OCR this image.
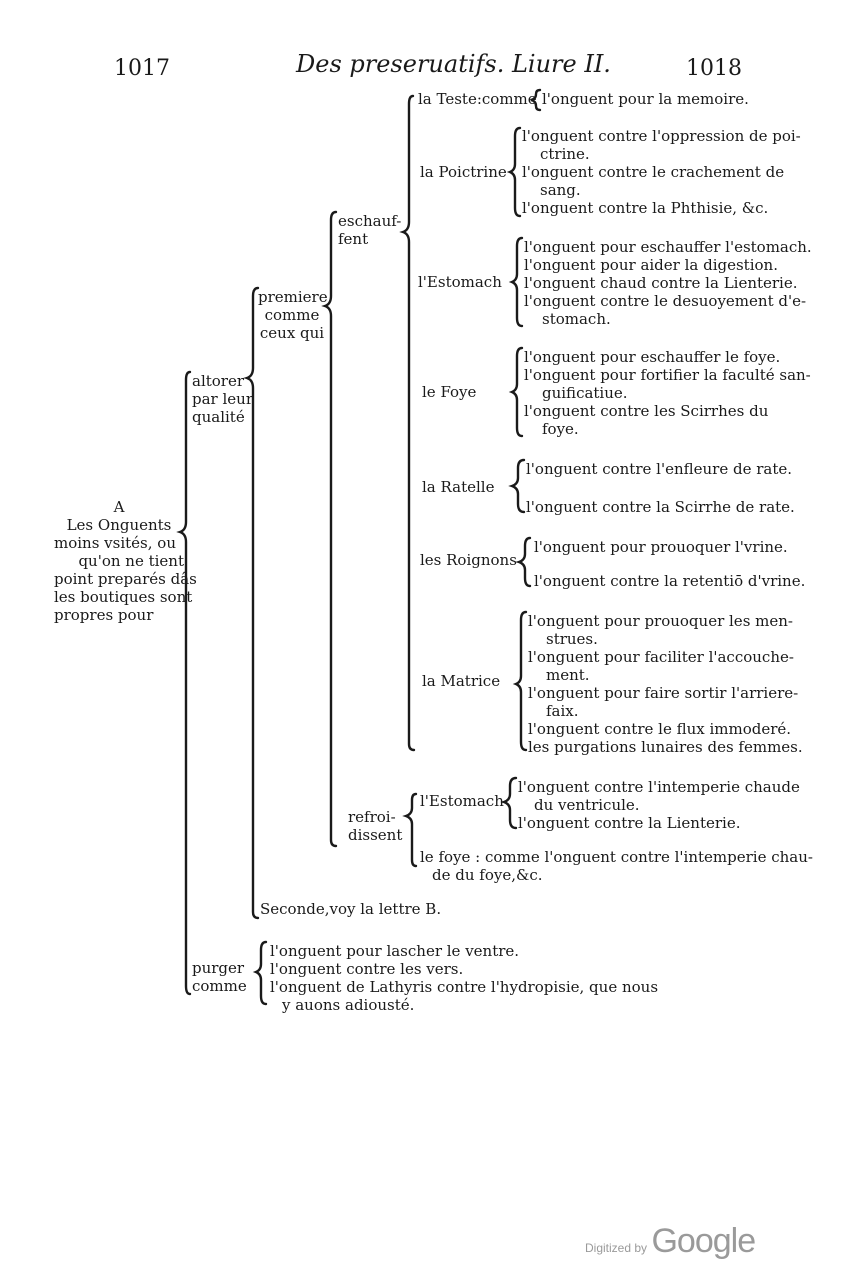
1017	Des preseruatifs. Liure II.	1018
A
Les Onguents
moins vsités, ou
qu'on ne tient
point preparés dâs
les boutiques sont
propres pour
altorer
par leur
qualité
premiere
comme
ceux qui
Seconde,voy la lettre B.
eschauf-
fent
la Teste:comme l'onguent pour la memoire.
la Poictrine
l'onguent contre l'oppression de poi-
ctrine.
l'onguent contre le crachement de
sang.
l'onguent contre la Phthisie, &c.
l'Estomach
l'onguent pour eschauffer l'estomach.
l'onguent pour aider la digestion.
l'onguent chaud contre la Lienterie.
l'onguent contre le desuoyement d'e-
stomach.
le Foye
l'onguent pour eschauffer le foye.
l'onguent pour fortifier la faculté san-
guificatiue.
l'onguent contre les Scirrhes du
foye.
la Ratelle
l'onguent contre l'enfleure de rate.
l'onguent contre la Scirrhe de rate.
les Roignons
l'onguent pour prouoquer l'vrine.
l'onguent contre la retentiō d'vrine.
la Matrice
l'onguent pour prouoquer les men-
strues.
l'onguent pour faciliter l'accouche-
ment.
l'onguent pour faire sortir l'arriere-
faix.
l'onguent contre le flux immoderé.
les purgations lunaires des femmes.
refroi-
dissent
l'Estomach
l'onguent contre l'intemperie chaude
du ventricule.
l'onguent contre la Lienterie.
le foye : comme l'onguent contre l'intemperie chau-
de du foye,&c.
purger
comme
l'onguent pour lascher le ventre.
l'onguent contre les vers.
l'onguent de Lathyris contre l'hydropisie, que nous
y auons adiousté.
Digitized by Google
